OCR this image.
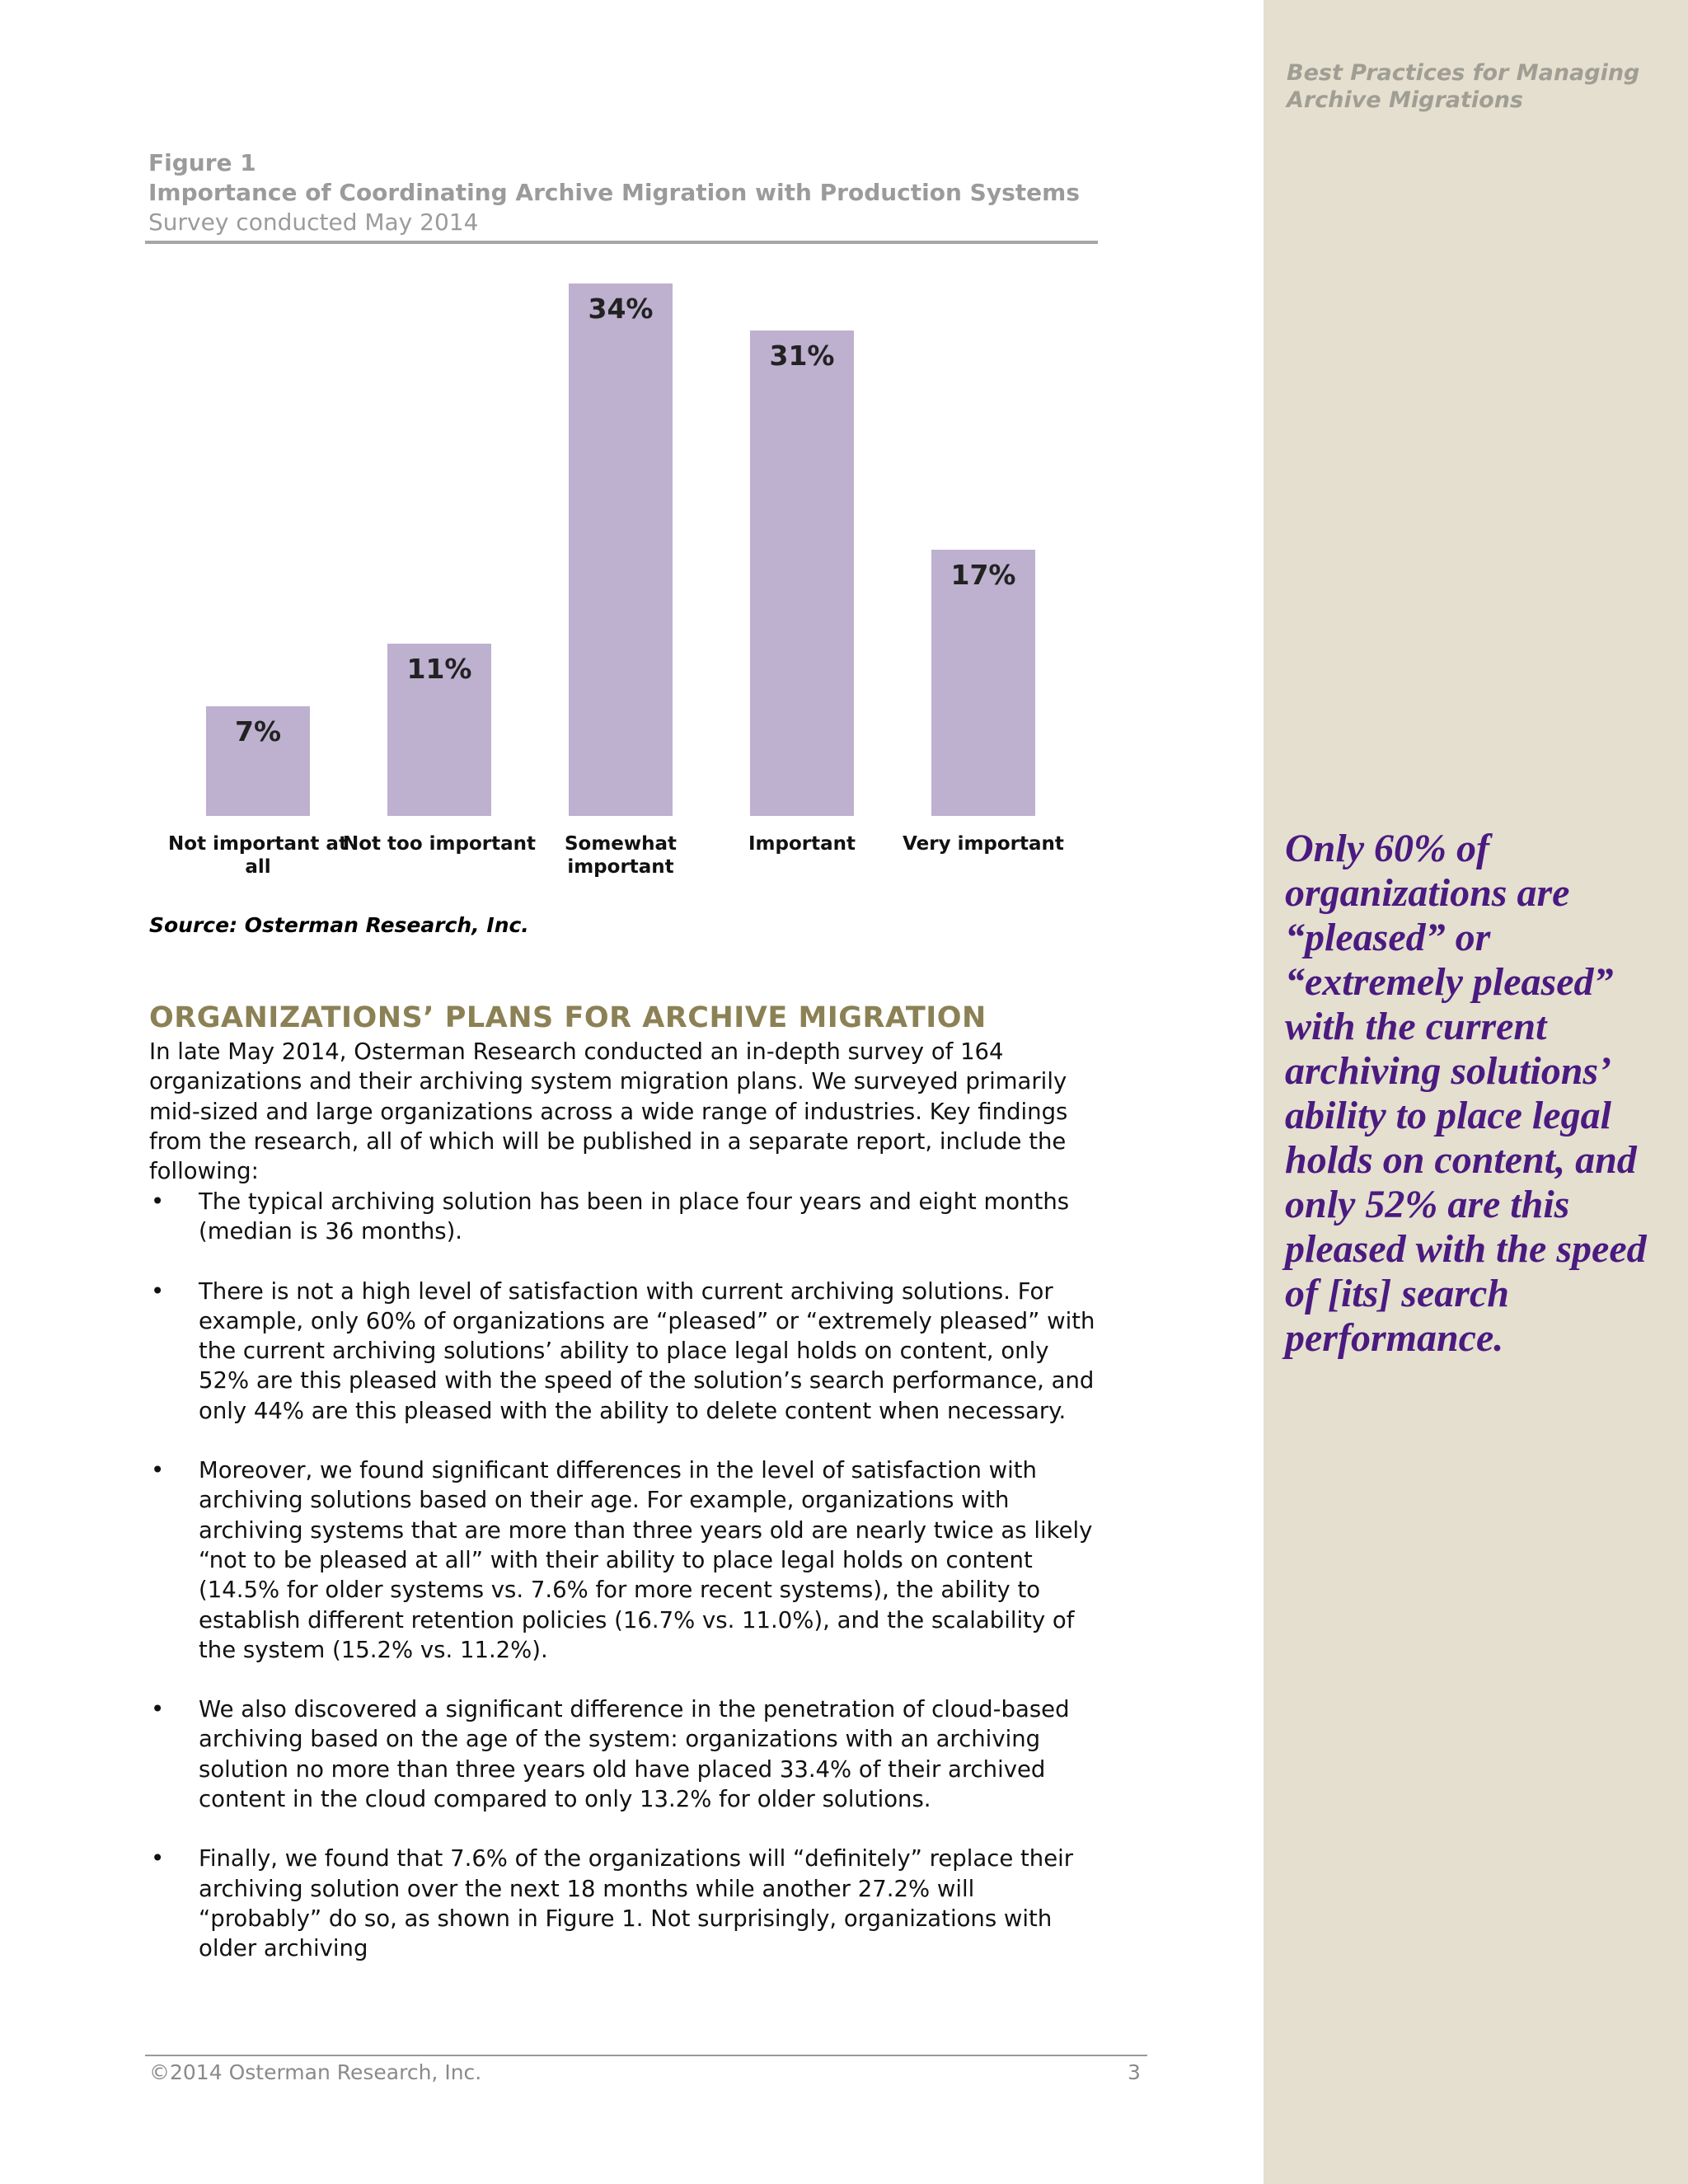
Best Practices for Managing Archive Migrations
Only 60% of organizations are “pleased” or “extremely pleased” with the current archiving solutions’ ability to place legal holds on content, and only 52% are this pleased with the speed of [its] search performance.
Figure 1
Importance of Coordinating Archive Migration with Production Systems
Survey conducted May 2014
7%
Not important at all
11%
Not too important
34%
Somewhat important
31%
Important
17%
Very important
Source: Osterman Research, Inc.
ORGANIZATIONS’ PLANS FOR ARCHIVE MIGRATION
In late May 2014, Osterman Research conducted an in-depth survey of 164 organizations and their archiving system migration plans. We surveyed primarily mid-sized and large organizations across a wide range of industries. Key findings from the research, all of which will be published in a separate report, include the following:
• The typical archiving solution has been in place four years and eight months (median is 36 months).
• There is not a high level of satisfaction with current archiving solutions. For example, only 60% of organizations are “pleased” or “extremely pleased” with the current archiving solutions’ ability to place legal holds on content, only 52% are this pleased with the speed of the solution’s search performance, and only 44% are this pleased with the ability to delete content when necessary.
• Moreover, we found significant differences in the level of satisfaction with archiving solutions based on their age. For example, organizations with archiving systems that are more than three years old are nearly twice as likely “not to be pleased at all” with their ability to place legal holds on content (14.5% for older systems vs. 7.6% for more recent systems), the ability to establish different retention policies (16.7% vs. 11.0%), and the scalability of the system (15.2% vs. 11.2%).
• We also discovered a significant difference in the penetration of cloud-based archiving based on the age of the system: organizations with an archiving solution no more than three years old have placed 33.4% of their archived content in the cloud compared to only 13.2% for older solutions.
• Finally, we found that 7.6% of the organizations will “definitely” replace their archiving solution over the next 18 months while another 27.2% will “probably” do so, as shown in Figure 1. Not surprisingly, organizations with older archiving
©2014 Osterman Research, Inc.	3
